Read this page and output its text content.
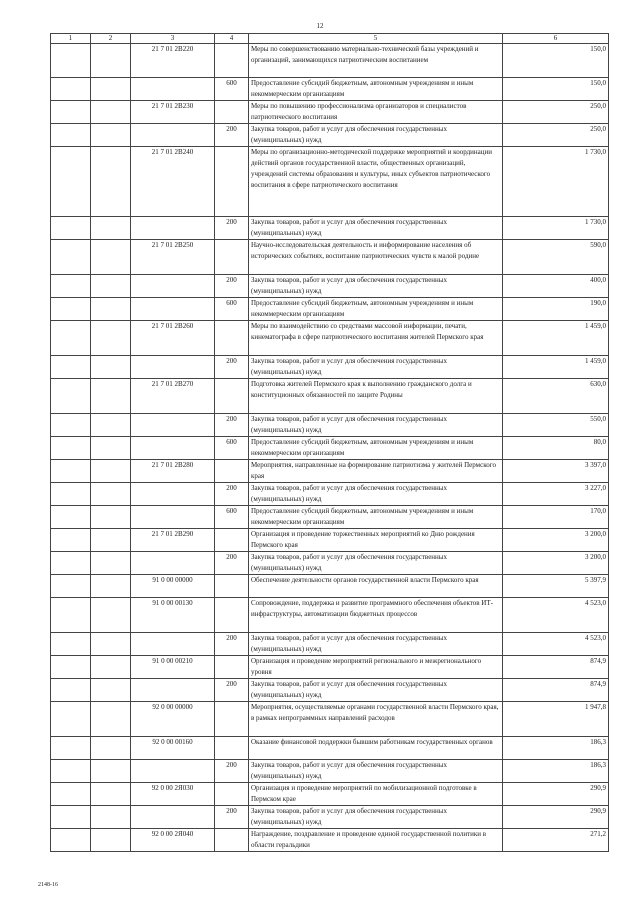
12
1	2	3	4	5	6
		21 7 01 2В220		Меры по совершенствованию материально-технической базы учреждений и организаций, занимающихся патриотическим воспитанием	150,0
			600	Предоставление субсидий бюджетным, автономным учреждениям и иным некоммерческим организациям	150,0
		21 7 01 2В230		Меры по повышению профессионализма организаторов и специалистов патриотического воспитания	250,0
			200	Закупка товаров, работ и услуг для обеспечения государственных (муниципальных) нужд	250,0
		21 7 01 2В240		Меры по организационно-методической поддержке мероприятий и координации действий органов государственной власти, общественных организаций, учреждений системы образования и культуры, иных субъектов патриотического воспитания в сфере патриотического воспитания	1 730,0
			200	Закупка товаров, работ и услуг для обеспечения государственных (муниципальных) нужд	1 730,0
		21 7 01 2В250		Научно-исследовательская деятельность и информирование населения об исторических событиях, воспитание патриотических чувств к малой родине	590,0
			200	Закупка товаров, работ и услуг для обеспечения государственных (муниципальных) нужд	400,0
			600	Предоставление субсидий бюджетным, автономным учреждениям и иным некоммерческим организациям	190,0
		21 7 01 2В260		Меры по взаимодействию со средствами массовой информации, печати, кинематографа в сфере патриотического воспитания жителей Пермского края	1 459,0
			200	Закупка товаров, работ и услуг для обеспечения государственных (муниципальных) нужд	1 459,0
		21 7 01 2В270		Подготовка жителей Пермского края к выполнению гражданского долга и конституционных обязанностей по защите Родины	630,0
			200	Закупка товаров, работ и услуг для обеспечения государственных (муниципальных) нужд	550,0
			600	Предоставление субсидий бюджетным, автономным учреждениям и иным некоммерческим организациям	80,0
		21 7 01 2В280		Мероприятия, направленные на формирование патриотизма у жителей Пермского края	3 397,0
			200	Закупка товаров, работ и услуг для обеспечения государственных (муниципальных) нужд	3 227,0
			600	Предоставление субсидий бюджетным, автономным учреждениям и иным некоммерческим организациям	170,0
		21 7 01 2В290		Организация и проведение торжественных мероприятий ко Дню рождения Пермского края	3 200,0
			200	Закупка товаров, работ и услуг для обеспечения государственных (муниципальных) нужд	3 200,0
		91 0 00 00000		Обеспечение деятельности органов государственной власти Пермского края	5 397,9
		91 0 00 00130		Сопровождение, поддержка и развитие программного обеспечения объектов ИТ-инфраструктуры, автоматизации бюджетных процессов	4 523,0
			200	Закупка товаров, работ и услуг для обеспечения государственных (муниципальных) нужд	4 523,0
		91 0 00 00210		Организация и проведение мероприятий регионального и межрегионального уровня	874,9
			200	Закупка товаров, работ и услуг для обеспечения государственных (муниципальных) нужд	874,9
		92 0 00 00000		Мероприятия, осуществляемые органами государственной власти Пермского края, в рамках непрограммных направлений расходов	1 947,8
		92 0 00 00160		Оказание финансовой поддержки бывшим работникам государственных органов	186,3
			200	Закупка товаров, работ и услуг для обеспечения государственных (муниципальных) нужд	186,3
		92 0 00 2Я030		Организация и проведение мероприятий по мобилизационной подготовке в Пермском крае	290,9
			200	Закупка товаров, работ и услуг для обеспечения государственных (муниципальных) нужд	290,9
		92 0 00 2Я040		Награждение, поздравление и проведение единой государственной политики в области геральдики	271,2
2148-16
